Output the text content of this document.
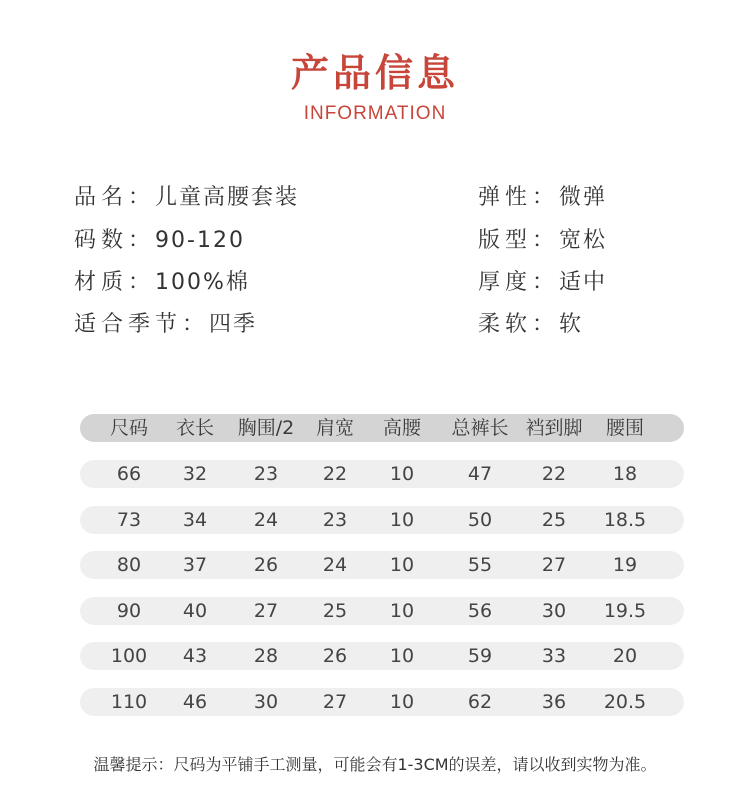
产品信息
INFORMATION
品名：儿童高腰套装
码数：90-120
材质：100%棉
适合季节：四季
弹性：微弹
版型：宽松
厚度：适中
柔软：软
尺码	衣长	胸围/2	肩宽	高腰	总裤长 裆到脚	腰围
66	32	23	22	10	47	22	18
73	34	24	23	10	50	25	18.5
80	37	26	24	10	55	27	19
90	40	27	25	10	56	30	19.5
100	43	28	26	10	59	33	20
110	46	30	27	10	62	36	20.5
温馨提示：尺码为平铺手工测量，可能会有1-3CM的误差，请以收到实物为准。
